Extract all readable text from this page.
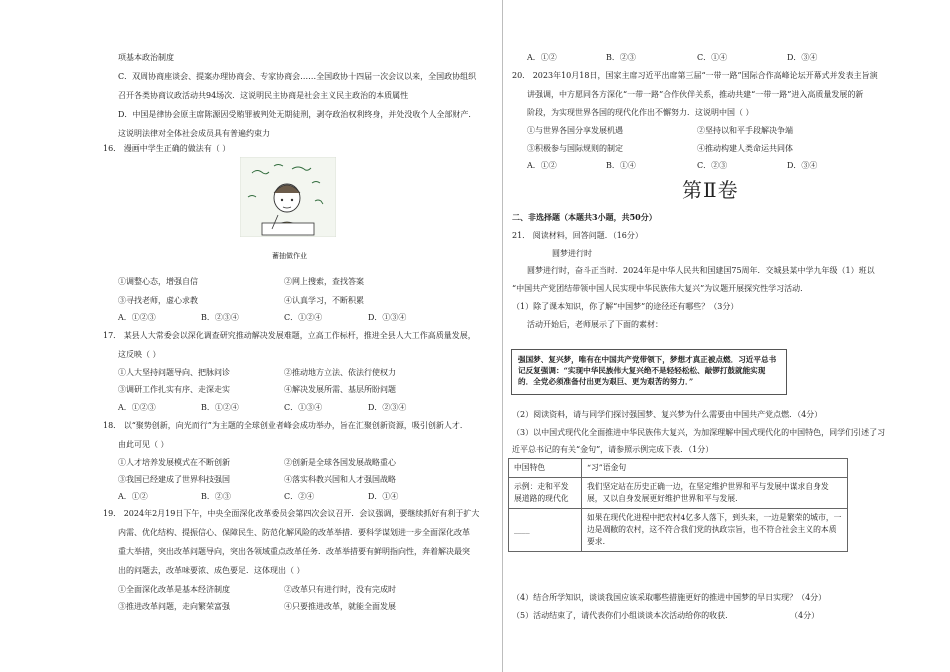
项基本政治制度
C．双周协商座谈会、提案办理协商会、专家协商会……全国政协十四届一次会议以来，全国政协组织
召开各类协商议政活动共94场次．这说明民主协商是社会主义民主政治的本质属性
D．中国是律协会原主席陈源因受贿罪被判处无期徒刑，剥夺政治权利终身，并处没收个人全部财产．
这说明法律对全体社会成员具有普遍约束力
16． 漫画中学生正确的做法有（ ）
蓄抽做作业
①调整心态，增强自信	②网上搜索，查找答案
③寻找老师，虚心求教	④认真学习，不断积累
A．①②③	B．②③④	C．①②④	D．①③④
17． 某县人大常委会以深化调查研究推动解决发展难题，立高工作标杆，推进全县人大工作高质量发展，
这反映（ ）
①人大坚持问题导向、把脉问诊	②推动地方立法、依法行使权力
③调研工作扎实有序、走深走实	④解决发展所需、基层所盼问题
A．①②③	B．①②④	C．①③④	D．②③④
18． 以“聚势创新，向光而行”为主题的全球创业者峰会成功举办，旨在汇聚创新资源，吸引创新人才．
由此可见（ ）
①人才培养发展模式在不断创新	②创新是全球各国发展战略重心
③我国已经建成了世界科技强国	④落实科教兴国和人才强国战略
A．①②	B．②③	C．②④	D．①④
19． 2024年2月19日下午，中央全面深化改革委员会第四次会议召开．会议强调，要继续抓好有利于扩大
内需、优化结构、提振信心、保障民生、防范化解风险的改革举措．要科学谋划进一步全面深化改革
重大举措，突出改革问题导向，突出各领域重点改革任务．改革举措要有鲜明指向性，奔着解决最突
出的问题去，改革味要浓、成色要足．这体现出（ ）
①全面深化改革是基本经济制度	②改革只有进行时，没有完成时
③推进改革问题，走向繁荣富强	④只要推进改革，就能全面发展
A．①②	B．②③	C．①④	D．③④
20． 2023年10月18日，国家主席习近平出席第三届“一带一路”国际合作高峰论坛开幕式并发表主旨演
讲强调，中方愿同各方深化“一带一路”合作伙伴关系，推动共建“一带一路”进入高质量发展的新
阶段，为实现世界各国的现代化作出不懈努力．这说明中国（ ）
①与世界各国分享发展机遇	②坚持以和平手段解决争端
③积极参与国际规则的制定	④推动构建人类命运共同体
A．①②	B．①④	C．②③	D．③④
第Ⅱ卷
二、非选择题（本题共3小题，共50分）
21． 阅读材料，回答问题．（16分）
圆梦进行时
圆梦进行时，奋斗正当时．2024年是中华人民共和国建国75周年．交城县某中学九年级（1）班以
“中国共产党团结带领中国人民实现中华民族伟大复兴”为议题开展探究性学习活动．
（1）除了课本知识，你了解“中国梦”的途径还有哪些？（3分）
活动开始后，老师展示了下面的素材：
强国梦、复兴梦，唯有在中国共产党带领下，梦想才真正被点燃．习近平总书记反复强调：“实现中华民族伟大复兴绝不是轻轻松松、敲锣打鼓就能实现的．全党必须准备付出更为艰巨、更为艰苦的努力．”
（2）阅读资料，请与同学们探讨强国梦、复兴梦为什么需要由中国共产党点燃．（4分）
（3）以中国式现代化全面推进中华民族伟大复兴，为加深理解中国式现代化的中国特色，同学们引述了习
近平总书记的有关“金句”，请参照示例完成下表．（1分）
中国特色	“习”语金句
示例：走和平发展道路的现代化	我们坚定站在历史正确一边，在坚定维护世界和平与发展中谋求自身发展，又以自身发展更好维护世界和平与发展．
____	如果在现代化进程中把农村4亿多人落下，到头来，一边是繁荣的城市，一边是凋敝的农村，这不符合我们党的执政宗旨，也不符合社会主义的本质要求．
（4）结合所学知识，谈谈我国应该采取哪些措施更好的推进中国梦的早日实现？（4分）
（5）活动结束了，请代表你们小组谈谈本次活动给你的收获．	（4分）
